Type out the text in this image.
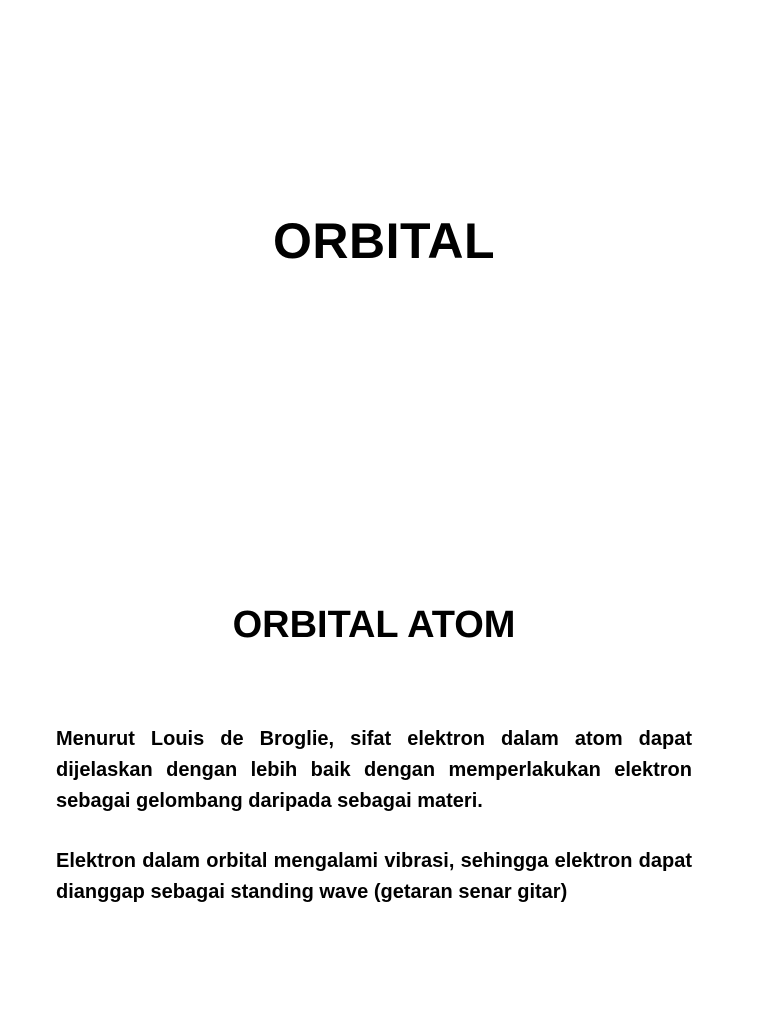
ORBITAL
ORBITAL ATOM

Menurut Louis de Broglie, sifat elektron dalam atom dapat dijelaskan dengan lebih baik dengan memperlakukan elektron sebagai gelombang daripada sebagai materi.

Elektron dalam orbital mengalami vibrasi, sehingga elektron dapat dianggap sebagai standing wave (getaran senar gitar)
